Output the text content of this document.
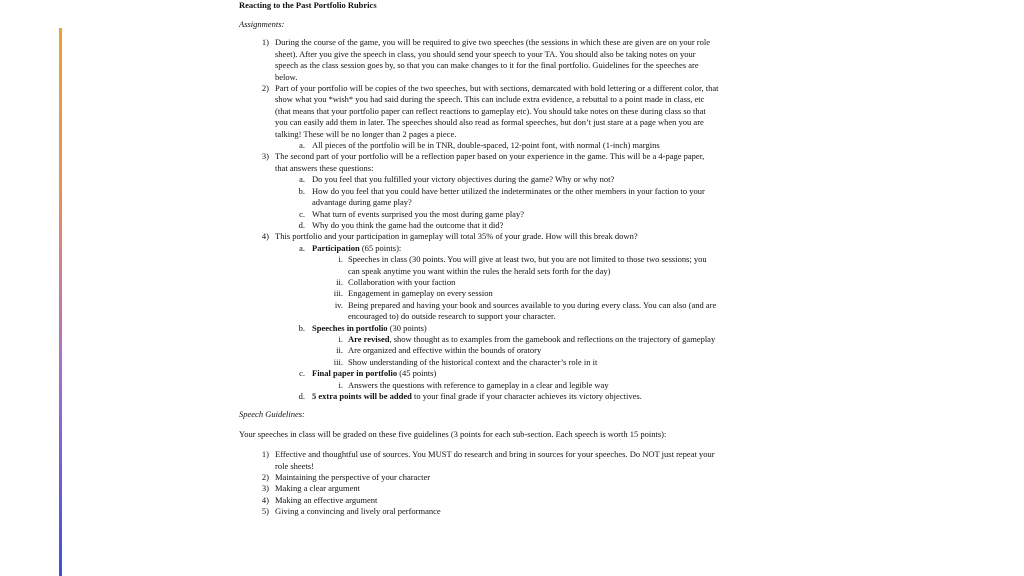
Reacting to the Past Portfolio Rubrics

Assignments:

1) During the course of the game, you will be required to give two speeches (the sessions in which these are given are on your role sheet). After you give the speech in class, you should send your speech to your TA. You should also be taking notes on your speech as the class session goes by, so that you can make changes to it for the final portfolio. Guidelines for the speeches are below.
2) Part of your portfolio will be copies of the two speeches, but with sections, demarcated with bold lettering or a different color, that show what you *wish* you had said during the speech. This can include extra evidence, a rebuttal to a point made in class, etc (that means that your portfolio paper can reflect reactions to gameplay etc). You should take notes on these during class so that you can easily add them in later. The speeches should also read as formal speeches, but don’t just stare at a page when you are talking! These will be no longer than 2 pages a piece.
a. All pieces of the portfolio will be in TNR, double-spaced, 12-point font, with normal (1-inch) margins
3) The second part of your portfolio will be a reflection paper based on your experience in the game. This will be a 4-page paper, that answers these questions:
a. Do you feel that you fulfilled your victory objectives during the game? Why or why not?
b. How do you feel that you could have better utilized the indeterminates or the other members in your faction to your advantage during game play?
c. What turn of events surprised you the most during game play?
d. Why do you think the game had the outcome that it did?
4) This portfolio and your participation in gameplay will total 35% of your grade. How will this break down?
a. Participation (65 points):
i. Speeches in class (30 points. You will give at least two, but you are not limited to those two sessions; you can speak anytime you want within the rules the herald sets forth for the day)
ii. Collaboration with your faction
iii. Engagement in gameplay on every session
iv. Being prepared and having your book and sources available to you during every class. You can also (and are encouraged to) do outside research to support your character.
b. Speeches in portfolio (30 points)
i. Are revised, show thought as to examples from the gamebook and reflections on the trajectory of gameplay
ii. Are organized and effective within the bounds of oratory
iii. Show understanding of the historical context and the character’s role in it
c. Final paper in portfolio (45 points)
i. Answers the questions with reference to gameplay in a clear and legible way
d. 5 extra points will be added to your final grade if your character achieves its victory objectives.

Speech Guidelines:

Your speeches in class will be graded on these five guidelines (3 points for each sub-section. Each speech is worth 15 points):

1) Effective and thoughtful use of sources. You MUST do research and bring in sources for your speeches. Do NOT just repeat your role sheets!
2) Maintaining the perspective of your character
3) Making a clear argument
4) Making an effective argument
5) Giving a convincing and lively oral performance
